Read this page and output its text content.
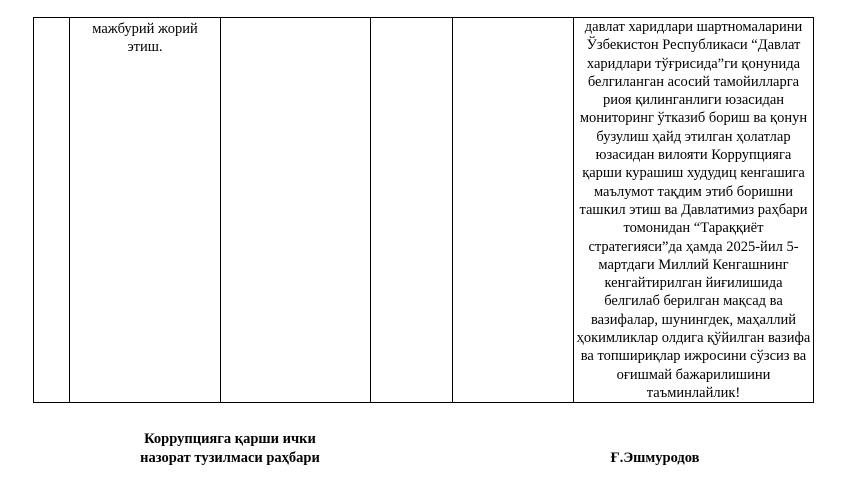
мажбурий жорий этиш.

давлат харидлари шартномаларини Ўзбекистон Республикаси “Давлат харидлари тўғрисида”ги қонунида белгиланган асосий тамойилларга риоя қилинганлиги юзасидан мониторинг ўтказиб бориш ва қонун бузулиш ҳайд этилган ҳолатлар юзасидан вилояти Коррупцияга қарши курашиш худудиц кенгашига маълумот тақдим этиб боришни ташкил этиш ва Давлатимиз раҳбари томонидан “Тараққиёт стратегияси”да ҳамда 2025-йил 5-мартдаги Миллий Кенгашнинг кенгайтирилган йиғилишида белгилаб берилган мақсад ва вазифалар, шунингдек, маҳаллий ҳокимликлар олдига қўйилган вазифа ва топшириқлар ижросини сўзсиз ва оғишмай бажарилишини таъминлайлик!

Коррупцияга қарши ички
назорат тузилмаси раҳбари	Ғ.Эшмуродов
